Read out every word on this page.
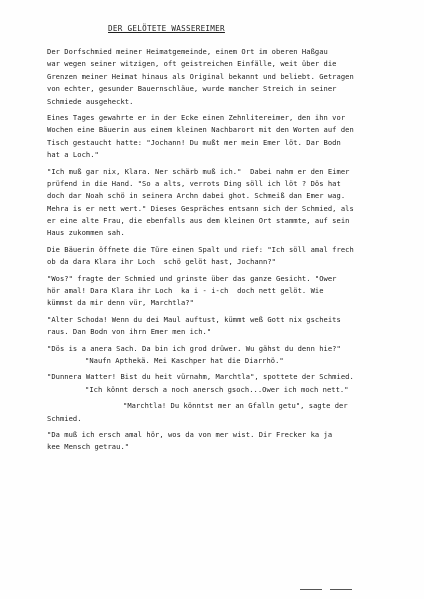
DER GELÖTETE WASSEREIMER
Der Dorfschmied meiner Heimatgemeinde, einem Ort im oberen Haßgau
war wegen seiner witzigen, oft geistreichen Einfälle, weit über die
Grenzen meiner Heimat hinaus als Original bekannt und beliebt. Getragen
von echter, gesunder Bauernschläue, wurde mancher Streich in seiner
Schmiede ausgeheckt.
Eines Tages gewahrte er in der Ecke einen Zehnlitereimer, den ihn vor
Wochen eine Bäuerin aus einem kleinen Nachbarort mit den Worten auf den
Tisch gestaucht hatte: "Jochann! Du mußt mer mein Emer löt. Dar Bodn
hat a Loch."
"Ich muß gar nix, Klara. Ner schärb muß ich."  Dabei nahm er den Eimer
prüfend in die Hand. "So a alts, verrots Ding söll ich löt ? Dös hat
doch dar Noah schö in seinera Archn dabei ghot. Schmeiß dan Emer wag.
Mehra is er nett wert." Dieses Gespräches entsann sich der Schmied, als
er eine alte Frau, die ebenfalls aus dem kleinen Ort stammte, auf sein
Haus zukommen sah.
Die Bäuerin öffnete die Türe einen Spalt und rief: "Ich söll amal frech
ob da dara Klara ihr Loch  schö gelöt hast, Jochann?"
"Wos?" fragte der Schmied und grinste über das ganze Gesicht. "Ower
hör amal! Dara Klara ihr Loch  ka i - i-ch  doch nett gelöt. Wie
kümmst da mir denn vür, Marchtla?"
"Alter Schoda! Wenn du dei Maul auftust, kümmt weß Gott nix gscheits
raus. Dan Bodn von ihrn Emer men ich."
"Dös is a anera Sach. Da bin ich grod drüwer. Wu gähst du denn hie?"
"Naufn Apthekä. Mei Kaschper hat die Diarrhö."
"Dunnera Watter! Bist du heit vürnahm, Marchtla", spottete der Schmied.
"Ich könnt dersch a noch anersch gsoch...Ower ich moch nett."
"Marchtla! Du könntst mer an Gfalln getu", sagte der
Schmied.
"Da muß ich ersch amal hör, wos da von mer wist. Dir Frecker ka ja
kee Mensch getrau."
